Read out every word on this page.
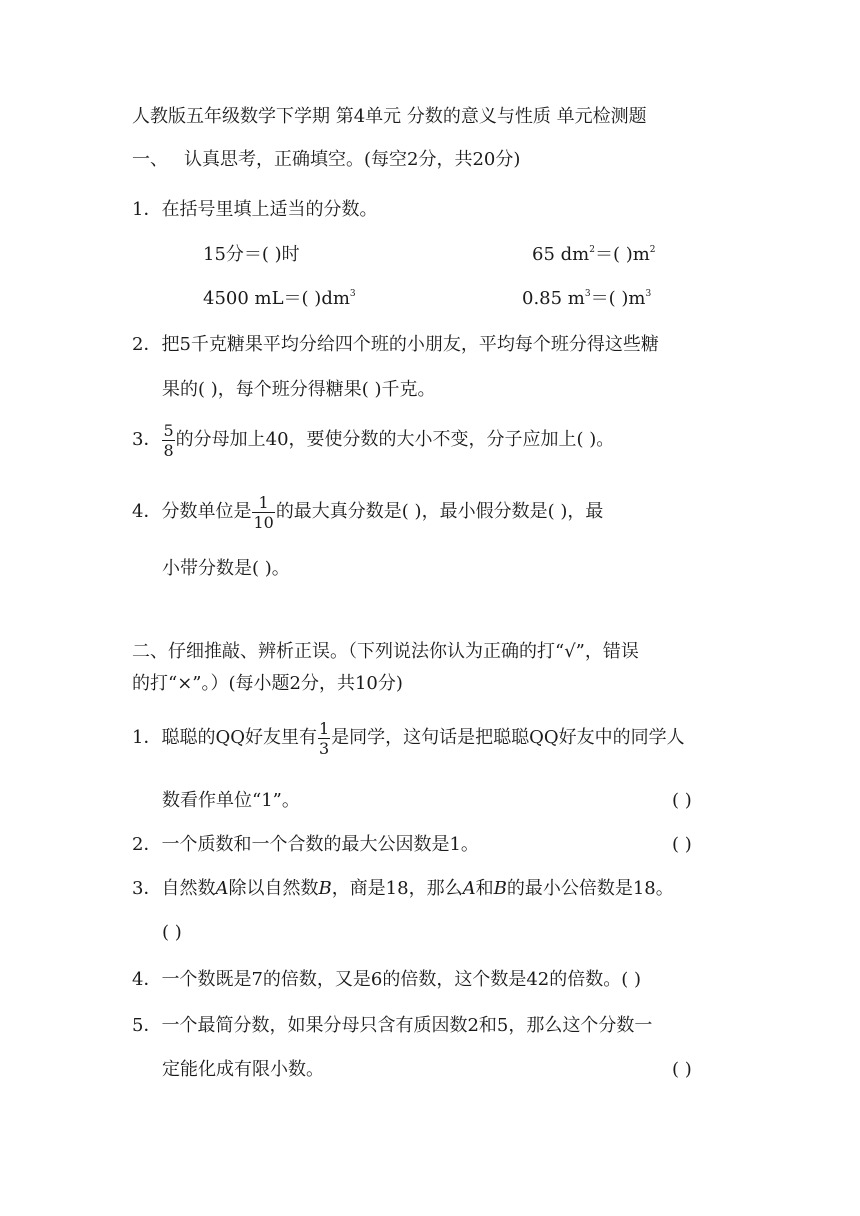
人教版五年级数学下学期 第4单元 分数的意义与性质 单元检测题
一、 认真思考，正确填空。(每空2分，共20分)
1．在括号里填上适当的分数。
15分＝( )时	65 $dm^2=$( )$m^2$
4500 mL＝( )$dm^3$	0.85 $m^3=$( )$m^3$
2．把5千克糖果平均分给四个班的小朋友，平均每个班分得这些糖
果的( )，每个班分得糖果( )千克。
3． $\frac{5}{8}$ 的分母加上40，要使分数的大小不变，分子应加上( )。
4．分数单位是 $\frac{1}{10}$ 的最大真分数是( )，最小假分数是( )，最
小带分数是( )。
二、仔细推敲、辨析正误。（下列说法你认为正确的打“√”，错误
的打“×”。）(每小题2分，共10分)
1．聪聪的QQ好友里有 $\frac{1}{3}$ 是同学，这句话是把聪聪QQ好友中的同学人
数看作单位“1”。	( )
2．一个质数和一个合数的最大公因数是1。	( )
3．自然数A除以自然数B，商是18，那么A和B的最小公倍数是18。
( )
4．一个数既是7的倍数，又是6的倍数，这个数是42的倍数。( )
5．一个最简分数，如果分母只含有质因数2和5，那么这个分数一
定能化成有限小数。	( )
